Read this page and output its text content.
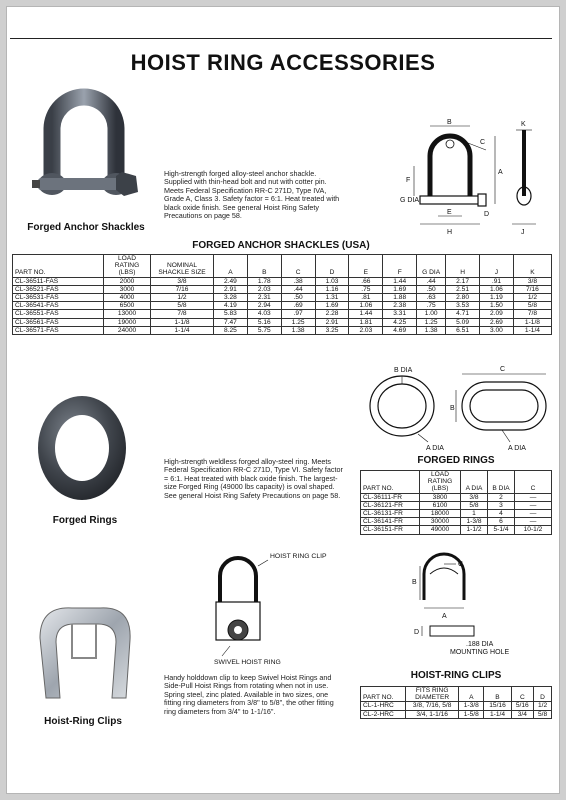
HOIST RING ACCESSORIES
Forged Anchor Shackles
High-strength forged alloy-steel anchor shackle. Supplied with thin-head bolt and nut with cotter pin. Meets Federal Specification RR-C 271D, Type IVA, Grade A, Class 3. Safety factor = 6:1. Heat treated with black oxide finish. See general Hoist Ring Safety Precautions on page 58.
B
C
K
A
F
G DIA
E	D
H	J
FORGED ANCHOR SHACKLES (USA)
PART NO.	LOAD RATING (LBS)	NOMINAL SHACKLE SIZE	A	B	C	D	E	F	G DIA	H	J	K
CL-36511-FAS	2000	3/8	2.49	1.78	.38	1.03	.66	1.44	.44	2.17	.91	3/8
CL-36521-FAS	3000	7/16	2.91	2.03	.44	1.16	.75	1.69	.50	2.51	1.06	7/16
CL-36531-FAS	4000	1/2	3.28	2.31	.50	1.31	.81	1.88	.63	2.80	1.19	1/2
CL-36541-FAS	6500	5/8	4.19	2.94	.69	1.69	1.06	2.38	.75	3.53	1.50	5/8
CL-36551-FAS	13000	7/8	5.83	4.03	.97	2.28	1.44	3.31	1.00	4.71	2.09	7/8
CL-36561-FAS	19000	1-1/8	7.47	5.16	1.25	2.91	1.81	4.25	1.25	5.09	2.69	1-1/8
CL-36571-FAS	24000	1-1/4	8.25	5.75	1.38	3.25	2.03	4.69	1.38	6.51	3.00	1-1/4
Forged Rings
B DIA
A DIA
C
A DIA
B
High-strength weldless forged alloy-steel ring. Meets Federal Specification RR-C 271D, Type VI. Safety factor = 6:1. Heat treated with black oxide finish. The largest-size Forged Ring (49000 lbs capacity) is oval shaped. See general Hoist Ring Safety Precautions on page 58.
FORGED RINGS
PART NO.	LOAD RATING (LBS)	A DIA	B DIA	C
CL-36111-FR	3800	3/8	2	—
CL-36121-FR	6100	5/8	3	—
CL-36131-FR	18000	1	4	—
CL-36141-FR	30000	1-3/8	6	—
CL-36151-FR	49000	1-1/2	5-1/4	10-1/2
HOIST RING CLIP
SWIVEL HOIST RING
C
B
A
D
.188 DIA
MOUNTING HOLE
Hoist-Ring Clips
Handy holddown clip to keep Swivel Hoist Rings and Side-Pull Hoist Rings from rotating when not in use. Spring steel, zinc plated. Available in two sizes, one fitting ring diameters from 3/8" to 5/8", the other fitting ring diameters from 3/4" to 1-1/16".
HOIST-RING CLIPS
PART NO.	FITS RING DIAMETER	A	B	C	D
CL-1-HRC	3/8, 7/16, 5/8	1-3/8	15/16	5/16	1/2
CL-2-HRC	3/4, 1-1/16	1-5/8	1-1/4	3/4	5/8
